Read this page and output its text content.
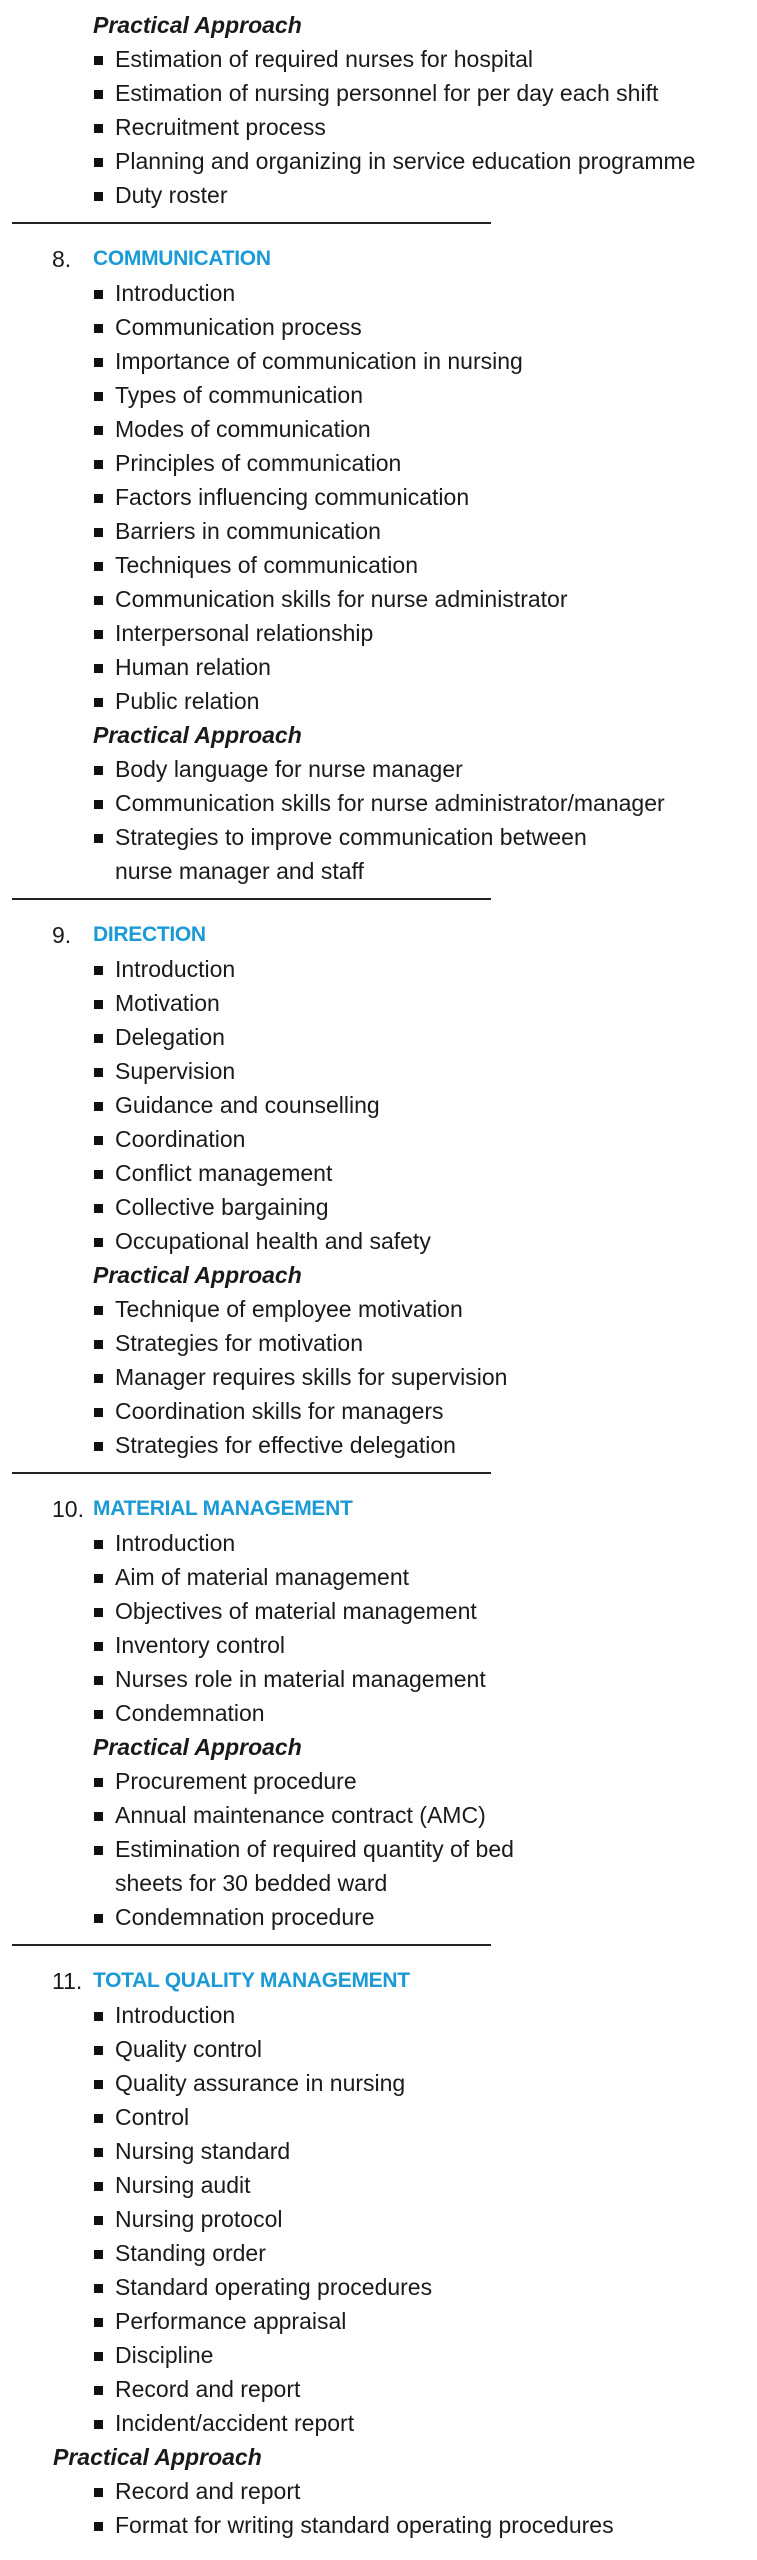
Practical Approach
Estimation of required nurses for hospital
Estimation of nursing personnel for per day each shift
Recruitment process
Planning and organizing in service education programme
Duty roster
8. COMMUNICATION
Introduction
Communication process
Importance of communication in nursing
Types of communication
Modes of communication
Principles of communication
Factors influencing communication
Barriers in communication
Techniques of communication
Communication skills for nurse administrator
Interpersonal relationship
Human relation
Public relation
Practical Approach
Body language for nurse manager
Communication skills for nurse administrator/manager
Strategies to improve communication between
nurse manager and staff
9. DIRECTION
Introduction
Motivation
Delegation
Supervision
Guidance and counselling
Coordination
Conflict management
Collective bargaining
Occupational health and safety
Practical Approach
Technique of employee motivation
Strategies for motivation
Manager requires skills for supervision
Coordination skills for managers
Strategies for effective delegation
10. MATERIAL MANAGEMENT
Introduction
Aim of material management
Objectives of material management
Inventory control
Nurses role in material management
Condemnation
Practical Approach
Procurement procedure
Annual maintenance contract (AMC)
Estimination of required quantity of bed
sheets for 30 bedded ward
Condemnation procedure
11. TOTAL QUALITY MANAGEMENT
Introduction
Quality control
Quality assurance in nursing
Control
Nursing standard
Nursing audit
Nursing protocol
Standing order
Standard operating procedures
Performance appraisal
Discipline
Record and report
Incident/accident report
Practical Approach
Record and report
Format for writing standard operating procedures
